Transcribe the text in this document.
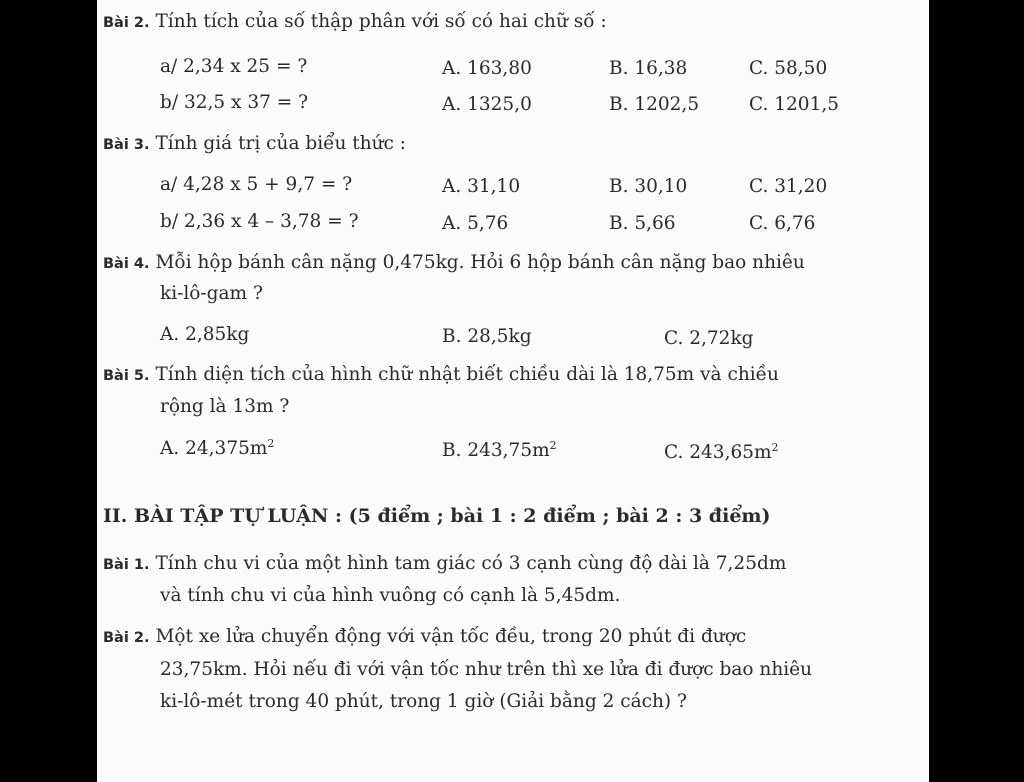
Bài 2. Tính tích của số thập phân với số có hai chữ số :
a/ 2,34 x 25 = ?	A. 163,80	B. 16,38	C. 58,50
b/ 32,5 x 37 = ?	A. 1325,0	B. 1202,5	C. 1201,5
Bài 3. Tính giá trị của biểu thức :
a/ 4,28 x 5 + 9,7 = ?	A. 31,10	B. 30,10	C. 31,20
b/ 2,36 x 4 – 3,78 = ?	A. 5,76	B. 5,66	C. 6,76
Bài 4. Mỗi hộp bánh cân nặng 0,475kg. Hỏi 6 hộp bánh cân nặng bao nhiêu
ki-lô-gam ?
A. 2,85kg	B. 28,5kg	C. 2,72kg
Bài 5. Tính diện tích của hình chữ nhật biết chiều dài là 18,75m và chiều
rộng là 13m ?
A. $24,375m^2$	B. $243,75m^2$	C. $243,65m^2$
II. BÀI TẬP TỰ LUẬN : (5 điểm ; bài 1 : 2 điểm ; bài 2 : 3 điểm)
Bài 1. Tính chu vi của một hình tam giác có 3 cạnh cùng độ dài là 7,25dm
và tính chu vi của hình vuông có cạnh là 5,45dm.
Bài 2. Một xe lửa chuyển động với vận tốc đều, trong 20 phút đi được
23,75km. Hỏi nếu đi với vận tốc như trên thì xe lửa đi được bao nhiêu
ki-lô-mét trong 40 phút, trong 1 giờ (Giải bằng 2 cách) ?
